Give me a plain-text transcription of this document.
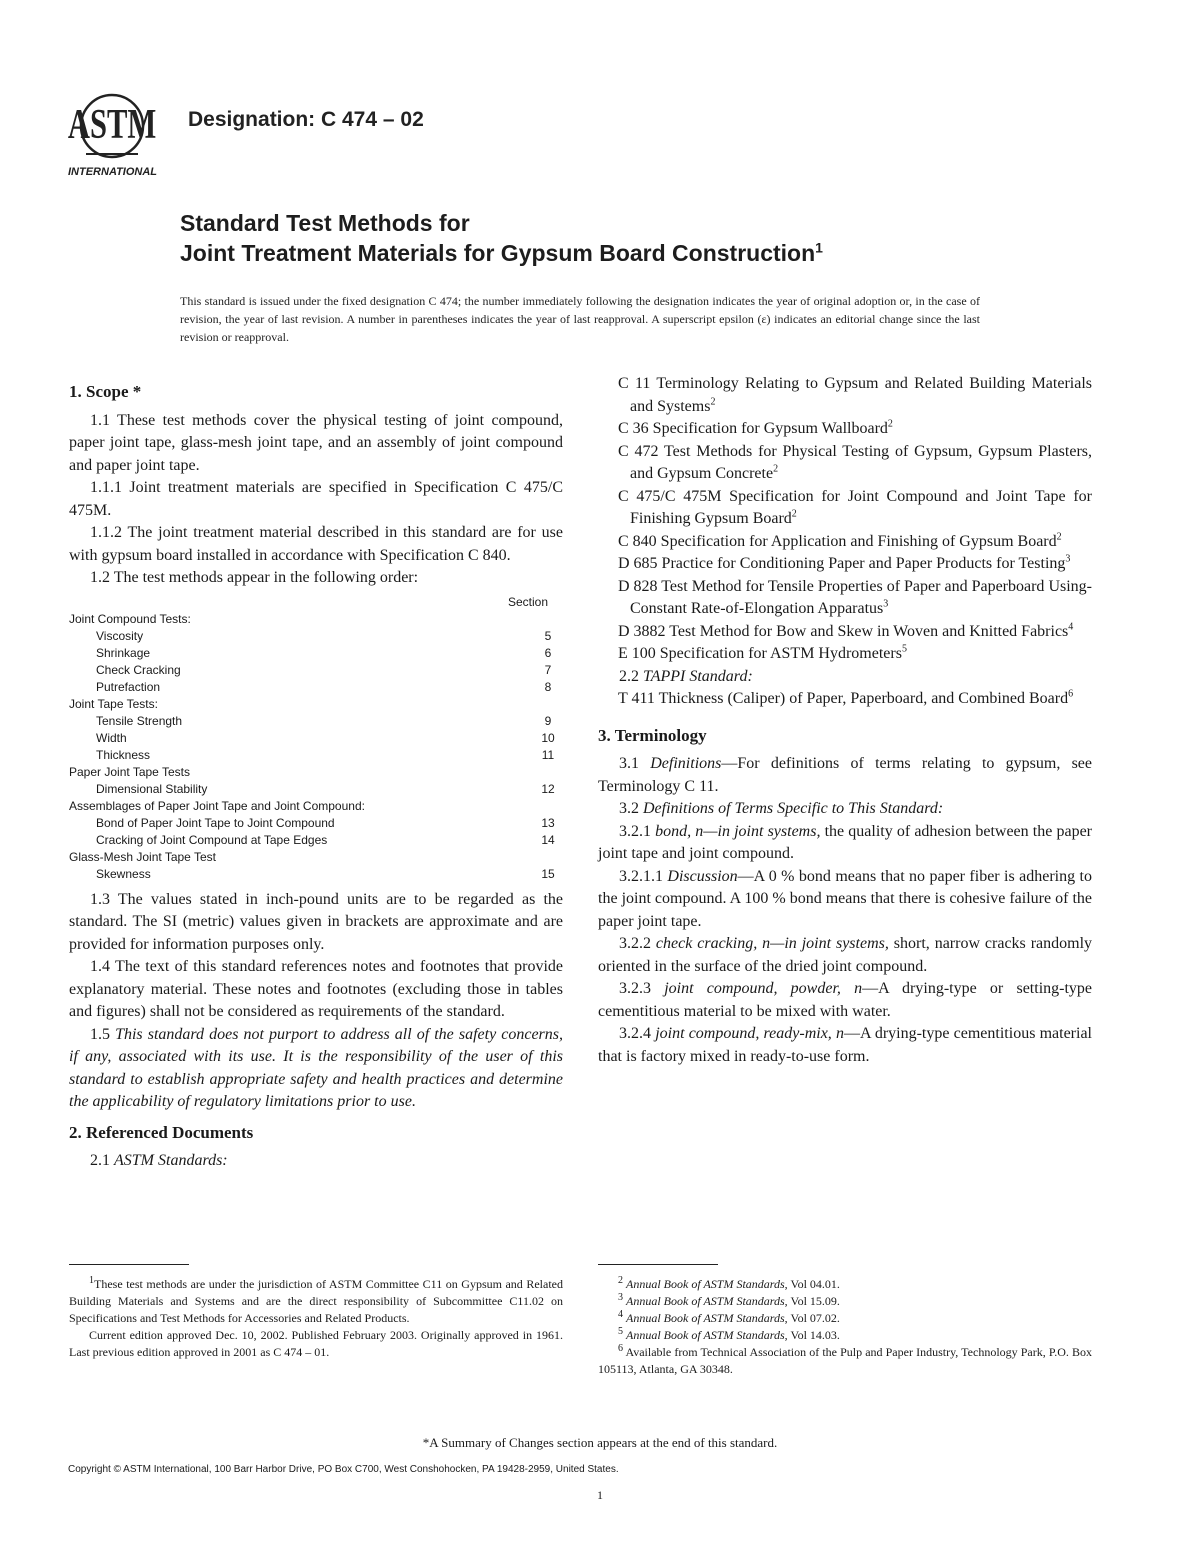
ASTM
INTERNATIONAL
Designation: C 474 – 02
Standard Test Methods for
Joint Treatment Materials for Gypsum Board Construction$^1$
This standard is issued under the fixed designation C 474; the number immediately following the designation indicates the year of original adoption or, in the case of revision, the year of last revision. A number in parentheses indicates the year of last reapproval. A superscript epsilon (ε) indicates an editorial change since the last revision or reapproval.

1. Scope *

1.1 These test methods cover the physical testing of joint compound, paper joint tape, glass-mesh joint tape, and an assembly of joint compound and paper joint tape.

1.1.1 Joint treatment materials are specified in Specification C 475/C 475M.

1.1.2 The joint treatment material described in this standard are for use with gypsum board installed in accordance with Specification C 840.

1.2 The test methods appear in the following order:

Section
Joint Compound Tests:
Viscosity	5
Shrinkage	6
Check Cracking	7
Putrefaction	8
Joint Tape Tests:
Tensile Strength	9
Width	10
Thickness	11
Paper Joint Tape Tests
Dimensional Stability	12
Assemblages of Paper Joint Tape and Joint Compound:
Bond of Paper Joint Tape to Joint Compound	13
Cracking of Joint Compound at Tape Edges	14
Glass-Mesh Joint Tape Test
Skewness	15

1.3 The values stated in inch-pound units are to be regarded as the standard. The SI (metric) values given in brackets are approximate and are provided for information purposes only.

1.4 The text of this standard references notes and footnotes that provide explanatory material. These notes and footnotes (excluding those in tables and figures) shall not be considered as requirements of the standard.

1.5 This standard does not purport to address all of the safety concerns, if any, associated with its use. It is the responsibility of the user of this standard to establish appropriate safety and health practices and determine the applicability of regulatory limitations prior to use.

2. Referenced Documents

2.1 ASTM Standards:

C 11 Terminology Relating to Gypsum and Related Building Materials and Systems$^2$

C 36 Specification for Gypsum Wallboard$^2$

C 472 Test Methods for Physical Testing of Gypsum, Gypsum Plasters, and Gypsum Concrete$^2$

C 475/C 475M Specification for Joint Compound and Joint Tape for Finishing Gypsum Board$^2$

C 840 Specification for Application and Finishing of Gypsum Board$^2$

D 685 Practice for Conditioning Paper and Paper Products for Testing$^3$

D 828 Test Method for Tensile Properties of Paper and Paperboard Using-Constant Rate-of-Elongation Apparatus$^3$

D 3882 Test Method for Bow and Skew in Woven and Knitted Fabrics$^4$

E 100 Specification for ASTM Hydrometers$^5$

2.2 TAPPI Standard:

T 411 Thickness (Caliper) of Paper, Paperboard, and Combined Board$^6$

3. Terminology

3.1 Definitions—For definitions of terms relating to gypsum, see Terminology C 11.

3.2 Definitions of Terms Specific to This Standard:

3.2.1 bond, n—in joint systems, the quality of adhesion between the paper joint tape and joint compound.

3.2.1.1 Discussion—A 0 % bond means that no paper fiber is adhering to the joint compound. A 100 % bond means that there is cohesive failure of the paper joint tape.

3.2.2 check cracking, n—in joint systems, short, narrow cracks randomly oriented in the surface of the dried joint compound.

3.2.3 joint compound, powder, n—A drying-type or setting-type cementitious material to be mixed with water.

3.2.4 joint compound, ready-mix, n—A drying-type cementitious material that is factory mixed in ready-to-use form.

$^1$These test methods are under the jurisdiction of ASTM Committee C11 on Gypsum and Related Building Materials and Systems and are the direct responsibility of Subcommittee C11.02 on Specifications and Test Methods for Accessories and Related Products.

Current edition approved Dec. 10, 2002. Published February 2003. Originally approved in 1961. Last previous edition approved in 2001 as C 474 – 01.

$^2$ Annual Book of ASTM Standards, Vol 04.01.

$^3$ Annual Book of ASTM Standards, Vol 15.09.

$^4$ Annual Book of ASTM Standards, Vol 07.02.

$^5$ Annual Book of ASTM Standards, Vol 14.03.

$^6$ Available from Technical Association of the Pulp and Paper Industry, Technology Park, P.O. Box 105113, Atlanta, GA 30348.

*A Summary of Changes section appears at the end of this standard.
Copyright © ASTM International, 100 Barr Harbor Drive, PO Box C700, West Conshohocken, PA 19428-2959, United States.
1
